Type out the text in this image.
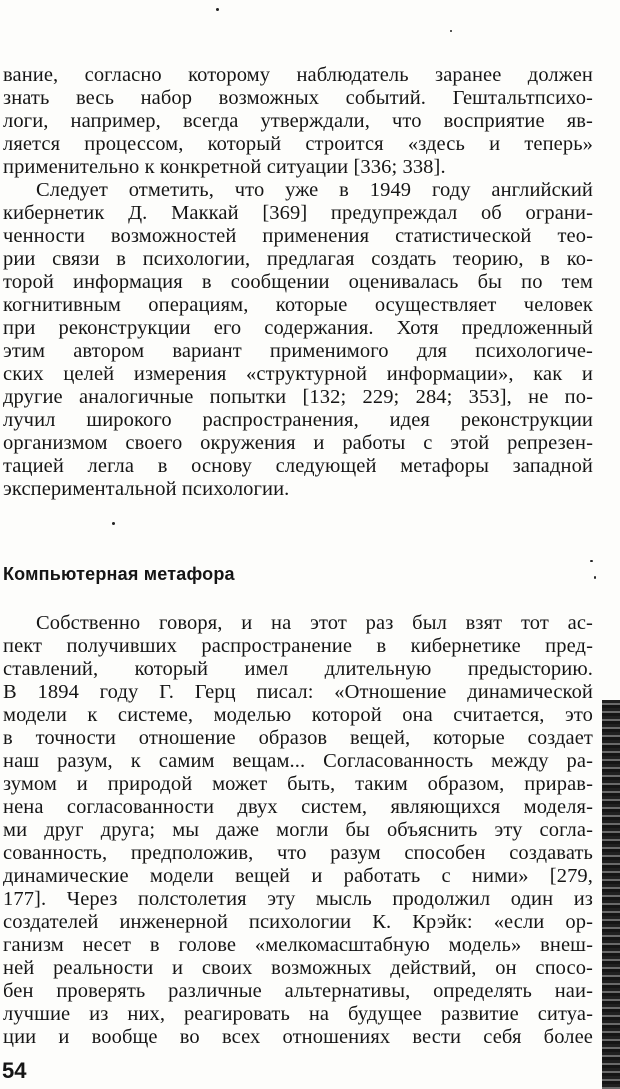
вание, согласно которому наблюдатель заранее должен
знать весь набор возможных событий. Гештальтпсихо-
логи, например, всегда утверждали, что восприятие яв-
ляется процессом, который строится «здесь и теперь»
применительно к конкретной ситуации [336; 338].
Следует отметить, что уже в 1949 году английский
кибернетик Д. Маккай [369] предупреждал об ограни-
ченности возможностей применения статистической тео-
рии связи в психологии, предлагая создать теорию, в ко-
торой информация в сообщении оценивалась бы по тем
когнитивным операциям, которые осуществляет человек
при реконструкции его содержания. Хотя предложенный
этим автором вариант применимого для психологиче-
ских целей измерения «структурной информации», как и
другие аналогичные попытки [132; 229; 284; 353], не по-
лучил широкого распространения, идея реконструкции
организмом своего окружения и работы с этой репрезен-
тацией легла в основу следующей метафоры западной
экспериментальной психологии.
Компьютерная метафора
Собственно говоря, и на этот раз был взят тот ас-
пект получивших распространение в кибернетике пред-
ставлений, который имел длительную предысторию.
В 1894 году Г. Герц писал: «Отношение динамической
модели к системе, моделью которой она считается, это
в точности отношение образов вещей, которые создает
наш разум, к самим вещам... Согласованность между ра-
зумом и природой может быть, таким образом, прирав-
нена согласованности двух систем, являющихся моделя-
ми друг друга; мы даже могли бы объяснить эту согла-
сованность, предположив, что разум способен создавать
динамические модели вещей и работать с ними» [279,
177]. Через полстолетия эту мысль продолжил один из
создателей инженерной психологии К. Крэйк: «если ор-
ганизм несет в голове «мелкомасштабную модель» внеш-
ней реальности и своих возможных действий, он спосо-
бен проверять различные альтернативы, определять наи-
лучшие из них, реагировать на будущее развитие ситуа-
ции и вообще во всех отношениях вести себя более
54
